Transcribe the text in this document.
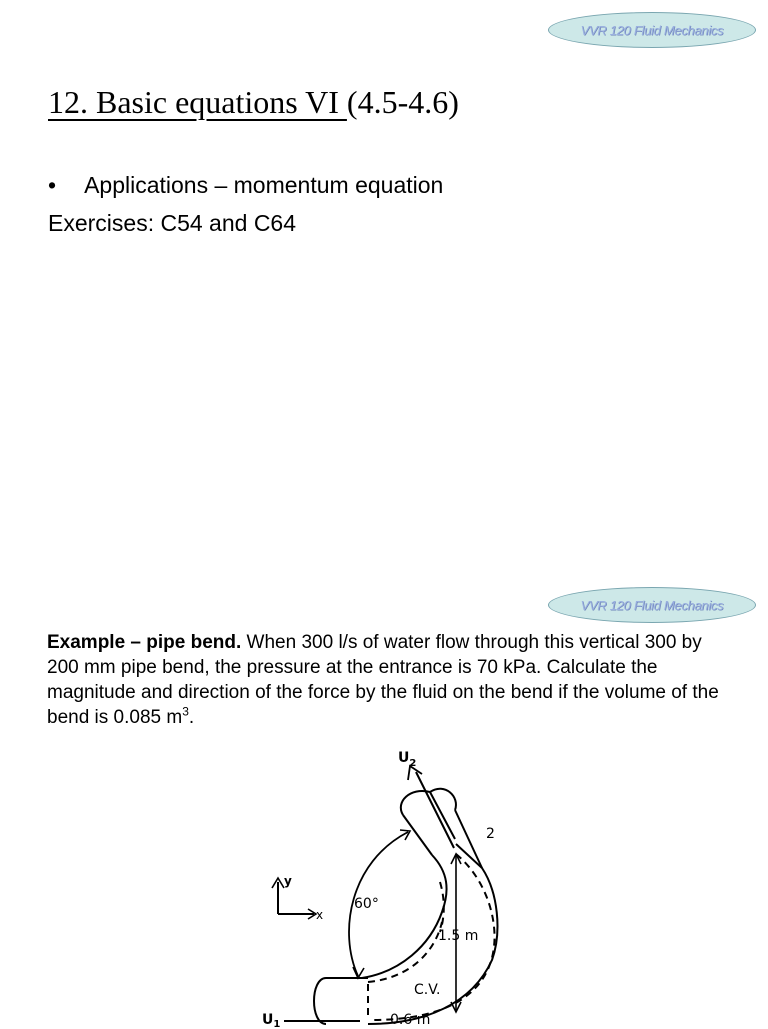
VVR 120 Fluid Mechanics
12. Basic equations VI (4.5-4.6)
• Applications – momentum equation
Exercises: C54 and C64
VVR 120 Fluid Mechanics
Example – pipe bend. When 300 l/s of water flow through this vertical 300 by 200 mm pipe bend, the pressure at the entrance is 70 kPa. Calculate the magnitude and direction of the force by the fluid on the bend if the volume of the bend is 0.085 $m^3$.
y
x
60°
1.5 m
C.V.
$U_2$
2
$U_1$	0.6 m
